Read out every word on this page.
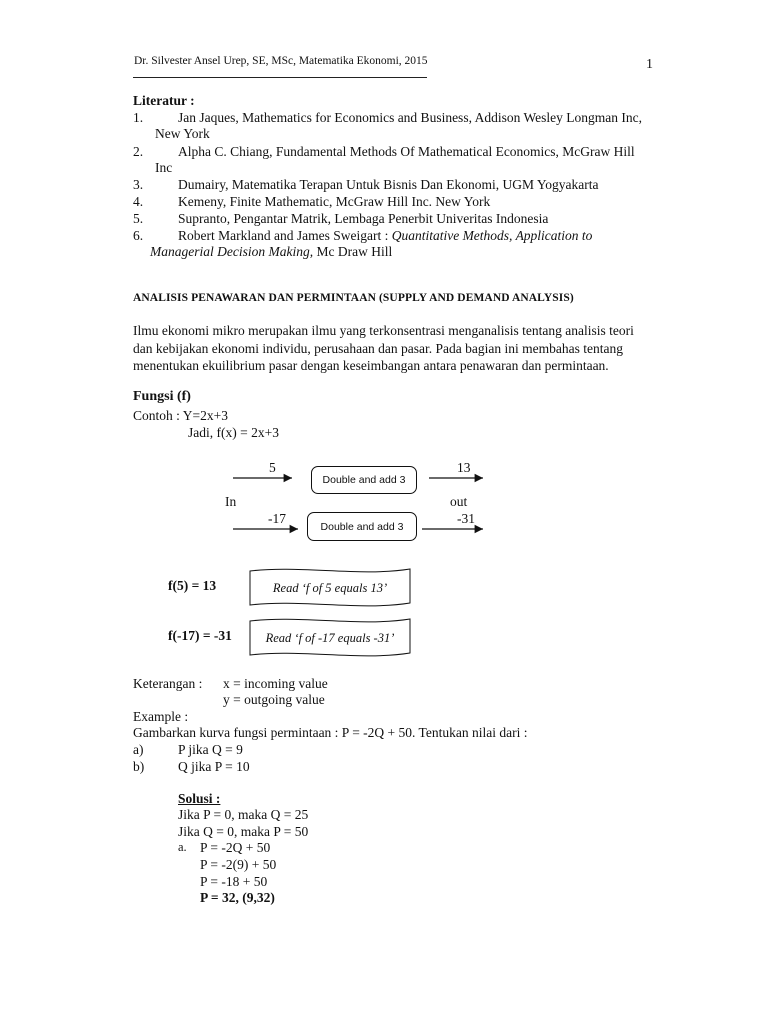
Dr. Silvester Ansel Urep, SE, MSc, Matematika Ekonomi, 2015	1
Literatur :
1.	Jan Jaques, Mathematics for Economics and Business, Addison Wesley Longman Inc,
New York
2.	Alpha C. Chiang, Fundamental Methods Of Mathematical Economics, McGraw Hill
Inc
3.	Dumairy, Matematika Terapan Untuk Bisnis Dan Ekonomi, UGM Yogyakarta
4.	Kemeny, Finite Mathematic, McGraw Hill Inc. New York
5.	Supranto, Pengantar Matrik, Lembaga Penerbit Univeritas Indonesia
6.	Robert Markland and James Sweigart : Quantitative Methods, Application to
Managerial Decision Making, Mc Draw Hill
ANALISIS PENAWARAN DAN PERMINTAAN (SUPPLY AND DEMAND ANALYSIS)
Ilmu ekonomi mikro merupakan ilmu yang terkonsentrasi menganalisis tentang analisis teori
dan kebijakan ekonomi individu, perusahaan dan pasar. Pada bagian ini membahas tentang
menentukan ekuilibrium pasar dengan keseimbangan antara penawaran dan permintaan.
Fungsi (f)
Contoh : Y=2x+3
Jadi, f(x) = 2x+3
5	13
-17	-31
Double and add 3
Double and add 3
In	out
f(5) = 13	Read ‘f of 5 equals 13’
f(-17) = -31	Read ‘f of -17 equals -31’
Keterangan : x = incoming value
y = outgoing value
Example :
Gambarkan kurva fungsi permintaan : P = -2Q + 50. Tentukan nilai dari :
a)	P jika Q = 9
b)	Q jika P = 10
Solusi :
Jika P = 0, maka Q = 25
Jika Q = 0, maka P = 50
a. P = -2Q + 50
P = -2(9) + 50
P = -18 + 50
P = 32, (9,32)
